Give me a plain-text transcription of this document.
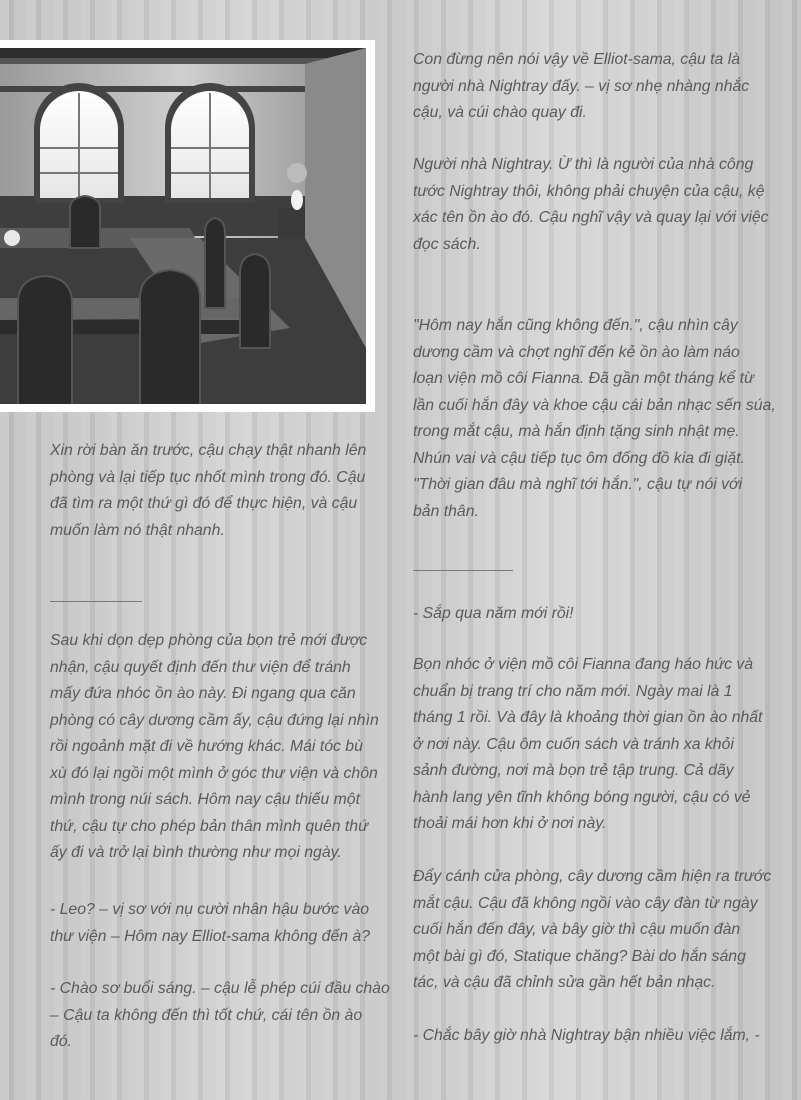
Xin rời bàn ăn trước, cậu chạy thật nhanh lên
phòng và lại tiếp tục nhốt mình trong đó. Cậu
đã tìm ra một thứ gì đó để thực hiện, và cậu
muốn làm nó thật nhanh.
Sau khi dọn dẹp phòng của bọn trẻ mới được
nhận, cậu quyết định đến thư viện để tránh
mấy đứa nhóc ồn ào này. Đi ngang qua căn
phòng có cây dương cầm ấy, cậu đứng lại nhìn
rồi ngoảnh mặt đi về hướng khác. Mái tóc bù
xù đó lại ngồi một mình ở góc thư viện và chôn
mình trong núi sách. Hôm nay cậu thiếu một
thứ, cậu tự cho phép bản thân mình quên thứ
ấy đi và trở lại bình thường như mọi ngày.
- Leo? – vị sơ với nụ cười nhân hậu bước vào
thư viện – Hôm nay Elliot-sama không đến à?
- Chào sơ buổi sáng. – cậu lễ phép cúi đầu chào
– Cậu ta không đến thì tốt chứ, cái tên ồn ào
đó.
Con đừng nên nói vậy về Elliot-sama, cậu ta là
người nhà Nightray đấy. – vị sơ nhẹ nhàng nhắc
cậu, và cúi chào quay đi.
Người nhà Nightray. Ừ thì là người của nhà công
tước Nightray thôi, không phải chuyện của cậu, kệ
xác tên ồn ào đó. Cậu nghĩ vậy và quay lại với việc
đọc sách.
"Hôm nay hắn cũng không đến.", cậu nhìn cây
dương cầm và chợt nghĩ đến kẻ ồn ào làm náo
loạn viện mồ côi Fianna. Đã gần một tháng kể từ
lần cuối hắn đây và khoe cậu cái bản nhạc sến súa,
trong mắt cậu, mà hắn định tặng sinh nhật mẹ.
Nhún vai và cậu tiếp tục ôm đống đồ kia đi giặt.
"Thời gian đâu mà nghĩ tới hắn.", cậu tự nói với
bản thân.
- Sắp qua năm mới rồi!
Bọn nhóc ở viện mồ côi Fianna đang háo hức và
chuẩn bị trang trí cho năm mới. Ngày mai là 1
tháng 1 rồi. Và đây là khoảng thời gian ồn ào nhất
ở nơi này. Cậu ôm cuốn sách và tránh xa khỏi
sảnh đường, nơi mà bọn trẻ tập trung. Cả dãy
hành lang yên tĩnh không bóng người, cậu có vẻ
thoải mái hơn khi ở nơi này.
Đẩy cánh cửa phòng, cây dương cầm hiện ra trước
mắt cậu. Cậu đã không ngồi vào cây đàn từ ngày
cuối hắn đến đây, và bây giờ thì cậu muốn đàn
một bài gì đó, Statique chăng? Bài do hắn sáng
tác, và cậu đã chỉnh sửa gần hết bản nhạc.
- Chắc bây giờ nhà Nightray bận nhiều việc lắm, -
